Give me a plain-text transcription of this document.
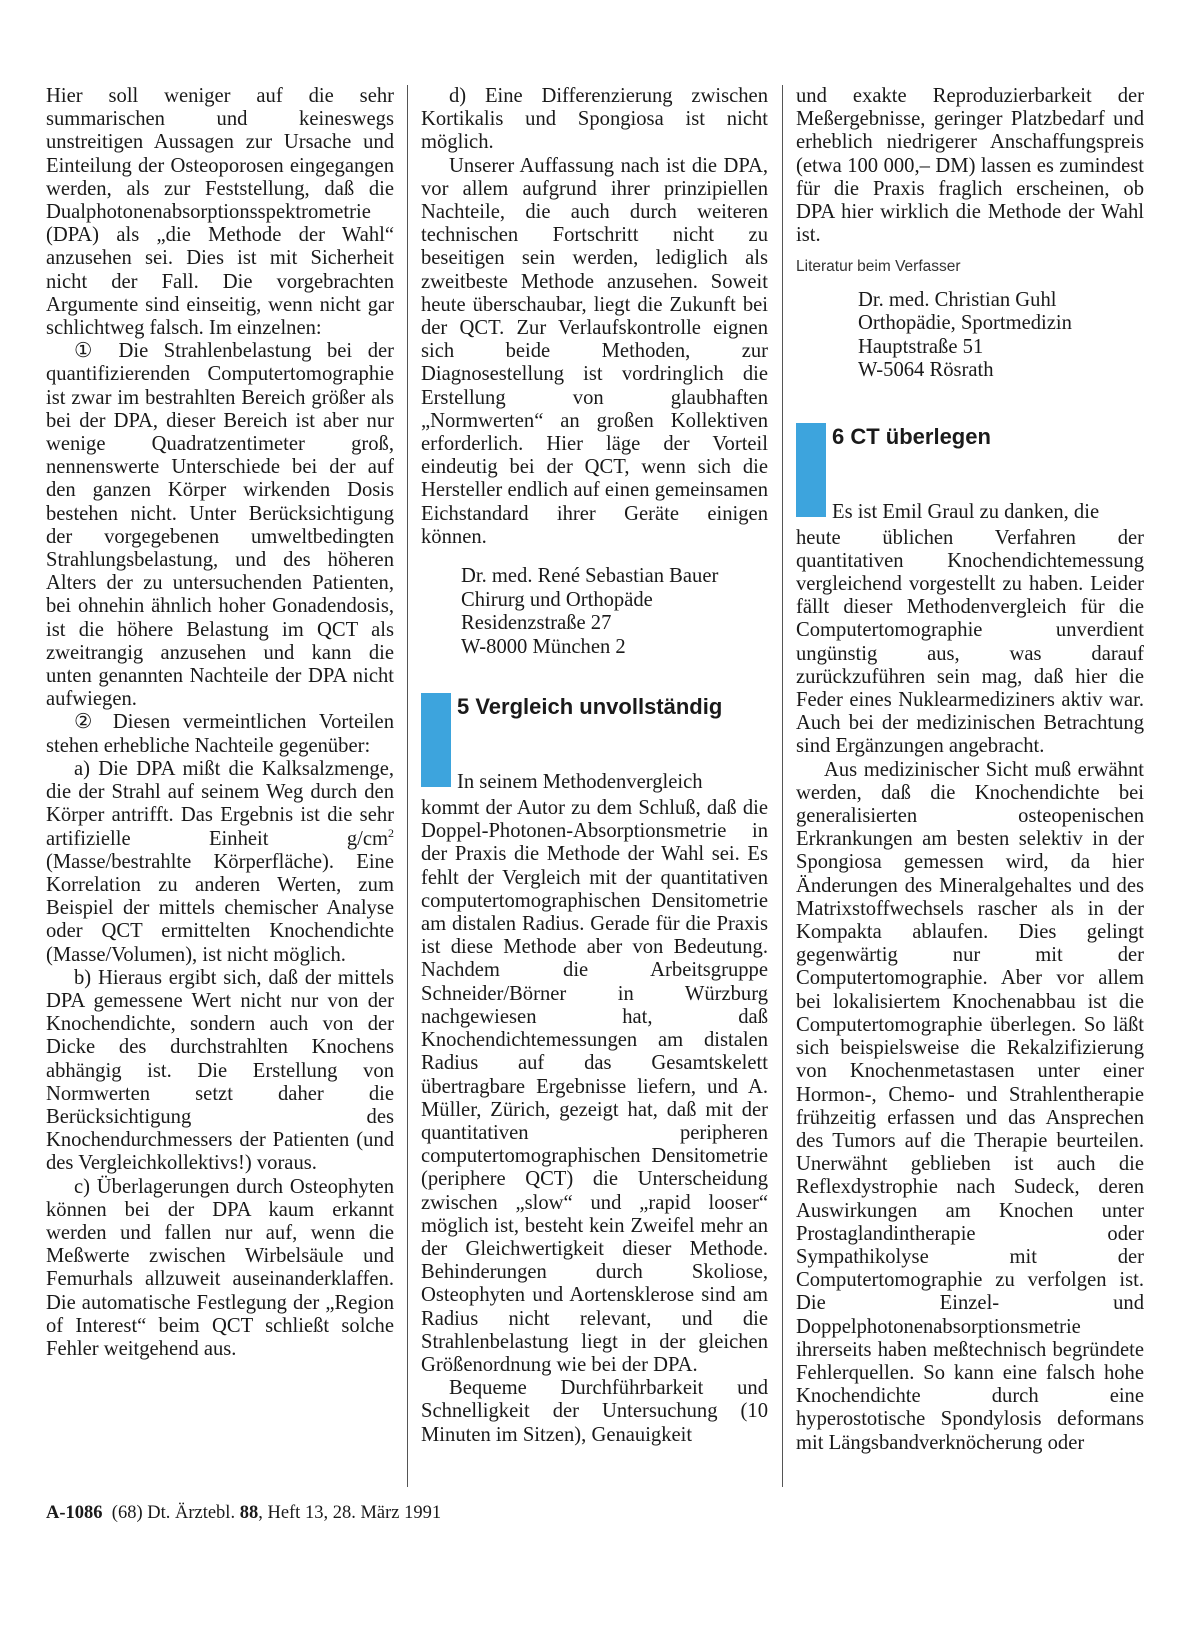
Hier soll weniger auf die sehr summarischen und keineswegs unstreitigen Aussagen zur Ursache und Einteilung der Osteoporosen eingegangen werden, als zur Feststellung, daß die Dualphotonenabsorptionsspektrometrie (DPA) als „die Methode der Wahl“ anzusehen sei. Dies ist mit Sicherheit nicht der Fall. Die vorgebrachten Argumente sind einseitig, wenn nicht gar schlichtweg falsch. Im einzelnen:

① Die Strahlenbelastung bei der quantifizierenden Computertomographie ist zwar im bestrahlten Bereich größer als bei der DPA, dieser Bereich ist aber nur wenige Quadratzentimeter groß, nennenswerte Unterschiede bei der auf den ganzen Körper wirkenden Dosis bestehen nicht. Unter Berücksichtigung der vorgegebenen umweltbedingten Strahlungsbelastung, und des höheren Alters der zu untersuchenden Patienten, bei ohnehin ähnlich hoher Gonadendosis, ist die höhere Belastung im QCT als zweitrangig anzusehen und kann die unten genannten Nachteile der DPA nicht aufwiegen.

② Diesen vermeintlichen Vorteilen stehen erhebliche Nachteile gegenüber:

a) Die DPA mißt die Kalksalzmenge, die der Strahl auf seinem Weg durch den Körper antrifft. Das Ergebnis ist die sehr artifizielle Einheit $g/cm^2$ (Masse/bestrahlte Körperfläche). Eine Korrelation zu anderen Werten, zum Beispiel der mittels chemischer Analyse oder QCT ermittelten Knochendichte (Masse/Volumen), ist nicht möglich.

b) Hieraus ergibt sich, daß der mittels DPA gemessene Wert nicht nur von der Knochendichte, sondern auch von der Dicke des durchstrahlten Knochens abhängig ist. Die Erstellung von Normwerten setzt daher die Berücksichtigung des Knochendurchmessers der Patienten (und des Vergleichkollektivs!) voraus.

c) Überlagerungen durch Osteophyten können bei der DPA kaum erkannt werden und fallen nur auf, wenn die Meßwerte zwischen Wirbelsäule und Femurhals allzuweit auseinanderklaffen. Die automatische Festlegung der „Region of Interest“ beim QCT schließt solche Fehler weitgehend aus.

d) Eine Differenzierung zwischen Kortikalis und Spongiosa ist nicht möglich.

Unserer Auffassung nach ist die DPA, vor allem aufgrund ihrer prinzipiellen Nachteile, die auch durch weiteren technischen Fortschritt nicht zu beseitigen sein werden, lediglich als zweitbeste Methode anzusehen. Soweit heute überschaubar, liegt die Zukunft bei der QCT. Zur Verlaufskontrolle eignen sich beide Methoden, zur Diagnosestellung ist vordringlich die Erstellung von glaubhaften „Normwerten“ an großen Kollektiven erforderlich. Hier läge der Vorteil eindeutig bei der QCT, wenn sich die Hersteller endlich auf einen gemeinsamen Eichstandard ihrer Geräte einigen können.

Dr. med. René Sebastian Bauer
Chirurg und Orthopäde
Residenzstraße 27
W-8000 München 2
5 Vergleich unvollständig
In seinem Methodenvergleich

kommt der Autor zu dem Schluß, daß die Doppel-Photonen-Absorptionsmetrie in der Praxis die Methode der Wahl sei. Es fehlt der Vergleich mit der quantitativen computertomographischen Densitometrie am distalen Radius. Gerade für die Praxis ist diese Methode aber von Bedeutung. Nachdem die Arbeitsgruppe Schneider/Börner in Würzburg nachgewiesen hat, daß Knochendichtemessungen am distalen Radius auf das Gesamtskelett übertragbare Ergebnisse liefern, und A. Müller, Zürich, gezeigt hat, daß mit der quantitativen peripheren computertomographischen Densitometrie (periphere QCT) die Unterscheidung zwischen „slow“ und „rapid looser“ möglich ist, besteht kein Zweifel mehr an der Gleichwertigkeit dieser Methode. Behinderungen durch Skoliose, Osteophyten und Aortensklerose sind am Radius nicht relevant, und die Strahlenbelastung liegt in der gleichen Größenordnung wie bei der DPA.

Bequeme Durchführbarkeit und Schnelligkeit der Untersuchung (10 Minuten im Sitzen), Genauigkeit

und exakte Reproduzierbarkeit der Meßergebnisse, geringer Platzbedarf und erheblich niedrigerer Anschaffungspreis (etwa 100 000,– DM) lassen es zumindest für die Praxis fraglich erscheinen, ob DPA hier wirklich die Methode der Wahl ist.

Literatur beim Verfasser
Dr. med. Christian Guhl
Orthopädie, Sportmedizin
Hauptstraße 51
W-5064 Rösrath
6 CT überlegen
Es ist Emil Graul zu danken, die

heute üblichen Verfahren der quantitativen Knochendichtemessung vergleichend vorgestellt zu haben. Leider fällt dieser Methodenvergleich für die Computertomographie unverdient ungünstig aus, was darauf zurückzuführen sein mag, daß hier die Feder eines Nuklearmediziners aktiv war. Auch bei der medizinischen Betrachtung sind Ergänzungen angebracht.

Aus medizinischer Sicht muß erwähnt werden, daß die Knochendichte bei generalisierten osteopenischen Erkrankungen am besten selektiv in der Spongiosa gemessen wird, da hier Änderungen des Mineralgehaltes und des Matrixstoffwechsels rascher als in der Kompakta ablaufen. Dies gelingt gegenwärtig nur mit der Computertomographie. Aber vor allem bei lokalisiertem Knochenabbau ist die Computertomographie überlegen. So läßt sich beispielsweise die Rekalzifizierung von Knochenmetastasen unter einer Hormon-, Chemo- und Strahlentherapie frühzeitig erfassen und das Ansprechen des Tumors auf die Therapie beurteilen. Unerwähnt geblieben ist auch die Reflexdystrophie nach Sudeck, deren Auswirkungen am Knochen unter Prostaglandintherapie oder Sympathikolyse mit der Computertomographie zu verfolgen ist. Die Einzel- und Doppelphotonenabsorptionsmetrie ihrerseits haben meßtechnisch begründete Fehlerquellen. So kann eine falsch hohe Knochendichte durch eine hyperostotische Spondylosis deformans mit Längsbandverknöcherung oder

A-1086 (68) Dt. Ärztebl. 88, Heft 13, 28. März 1991
